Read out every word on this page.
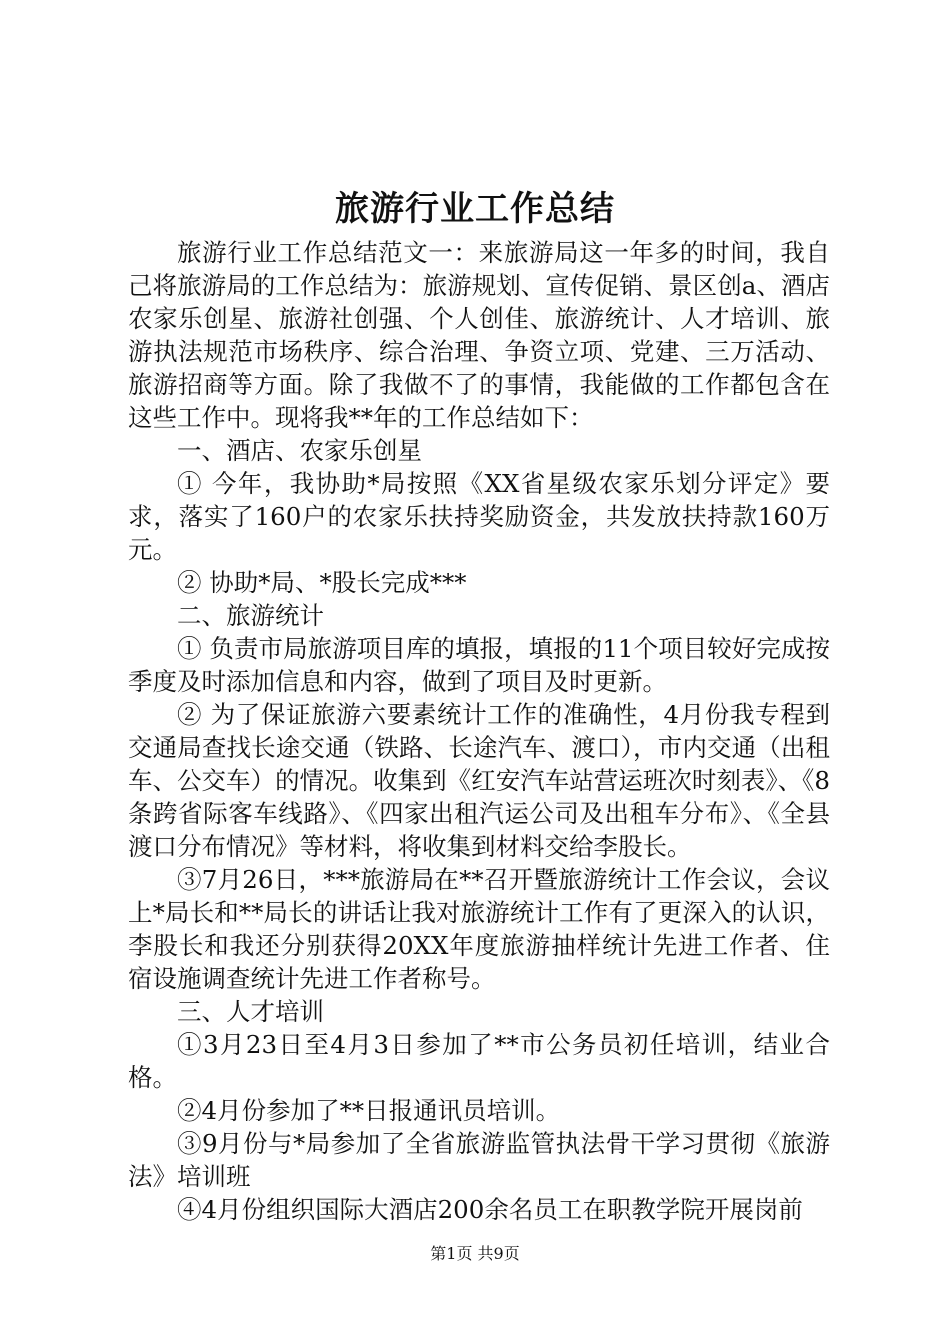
旅游行业工作总结

旅游行业工作总结范文一：来旅游局这一年多的时间，我自己将旅游局的工作总结为：旅游规划、宣传促销、景区创a、酒店农家乐创星、旅游社创强、个人创佳、旅游统计、人才培训、旅游执法规范市场秩序、综合治理、争资立项、党建、三万活动、旅游招商等方面。除了我做不了的事情，我能做的工作都包含在这些工作中。现将我**年的工作总结如下：

一、酒店、农家乐创星

① 今年，我协助*局按照《XX省星级农家乐划分评定》要求，落实了160户的农家乐扶持奖励资金，共发放扶持款160万元。

② 协助*局、*股长完成***

二、旅游统计

① 负责市局旅游项目库的填报，填报的11个项目较好完成按季度及时添加信息和内容，做到了项目及时更新。

② 为了保证旅游六要素统计工作的准确性，4月份我专程到交通局查找长途交通（铁路、长途汽车、渡口），市内交通（出租车、公交车）的情况。收集到《红安汽车站营运班次时刻表》、《8条跨省际客车线路》、《四家出租汽运公司及出租车分布》、《全县渡口分布情况》等材料，将收集到材料交给李股长。

③7月26日，***旅游局在**召开暨旅游统计工作会议，会议上*局长和**局长的讲话让我对旅游统计工作有了更深入的认识，李股长和我还分别获得20XX年度旅游抽样统计先进工作者、住宿设施调查统计先进工作者称号。

三、人才培训

①3月23日至4月3日参加了**市公务员初任培训，结业合格。

②4月份参加了**日报通讯员培训。

③9月份与*局参加了全省旅游监管执法骨干学习贯彻《旅游法》培训班

④4月份组织国际大酒店200余名员工在职教学院开展岗前

第1页 共9页
